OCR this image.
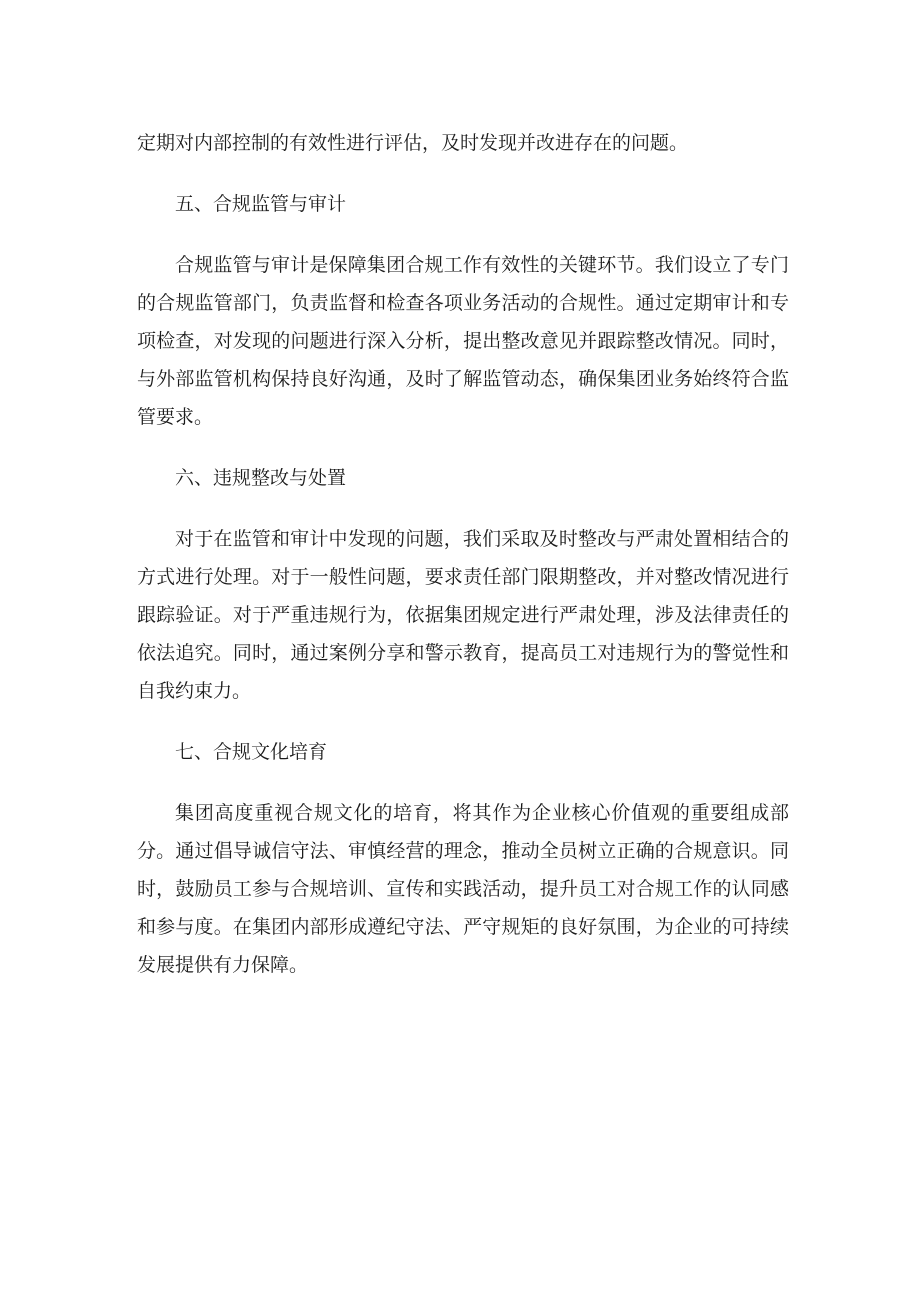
定期对内部控制的有效性进行评估，及时发现并改进存在的问题。

五、合规监管与审计

合规监管与审计是保障集团合规工作有效性的关键环节。我们设立了专门的合规监管部门，负责监督和检查各项业务活动的合规性。通过定期审计和专项检查，对发现的问题进行深入分析，提出整改意见并跟踪整改情况。同时，与外部监管机构保持良好沟通，及时了解监管动态，确保集团业务始终符合监管要求。

六、违规整改与处置

对于在监管和审计中发现的问题，我们采取及时整改与严肃处置相结合的方式进行处理。对于一般性问题，要求责任部门限期整改，并对整改情况进行跟踪验证。对于严重违规行为，依据集团规定进行严肃处理，涉及法律责任的依法追究。同时，通过案例分享和警示教育，提高员工对违规行为的警觉性和自我约束力。

七、合规文化培育

集团高度重视合规文化的培育，将其作为企业核心价值观的重要组成部分。通过倡导诚信守法、审慎经营的理念，推动全员树立正确的合规意识。同时，鼓励员工参与合规培训、宣传和实践活动，提升员工对合规工作的认同感和参与度。在集团内部形成遵纪守法、严守规矩的良好氛围，为企业的可持续发展提供有力保障。
